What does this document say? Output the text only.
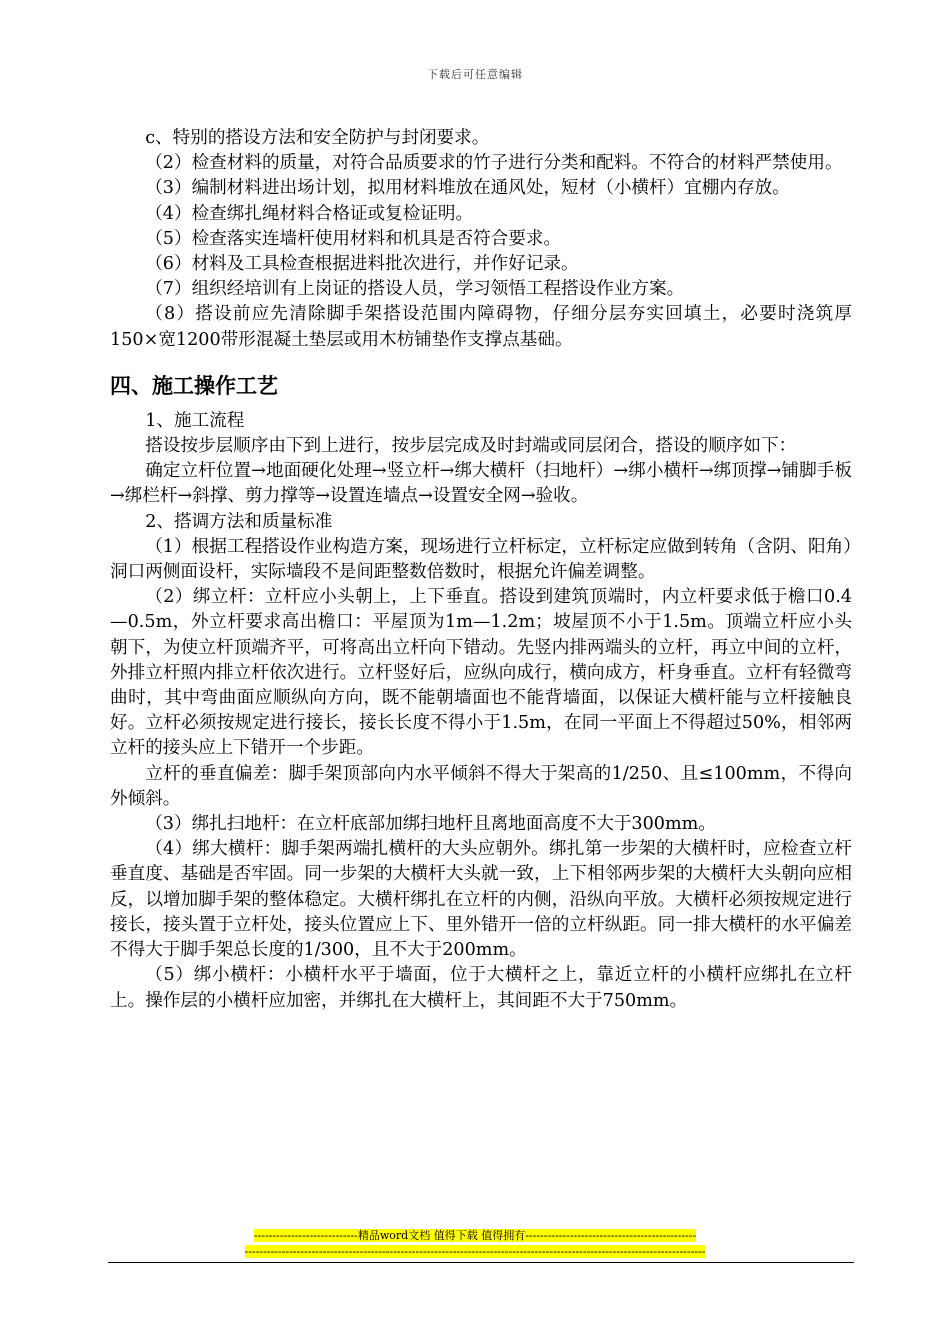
下载后可任意编辑

c、特别的搭设方法和安全防护与封闭要求。

（2）检查材料的质量，对符合品质要求的竹子进行分类和配料。不符合的材料严禁使用。

（3）编制材料进出场计划，拟用材料堆放在通风处，短材（小横杆）宜棚内存放。

（4）检查绑扎绳材料合格证或复检证明。

（5）检查落实连墙杆使用材料和机具是否符合要求。

（6）材料及工具检查根据进料批次进行，并作好记录。

（7）组织经培训有上岗证的搭设人员，学习领悟工程搭设作业方案。

（8）搭设前应先清除脚手架搭设范围内障碍物，仔细分层夯实回填土，必要时浇筑厚150×宽1200带形混凝土垫层或用木枋铺垫作支撑点基础。

四、施工操作工艺

1、施工流程

搭设按步层顺序由下到上进行，按步层完成及时封端或同层闭合，搭设的顺序如下：

确定立杆位置→地面硬化处理→竖立杆→绑大横杆（扫地杆）→绑小横杆→绑顶撑→铺脚手板→绑栏杆→斜撑、剪力撑等→设置连墙点→设置安全网→验收。

2、搭调方法和质量标准

（1）根据工程搭设作业构造方案，现场进行立杆标定，立杆标定应做到转角（含阴、阳角）洞口两侧面设杆，实际墙段不是间距整数倍数时，根据允许偏差调整。

（2）绑立杆：立杆应小头朝上，上下垂直。搭设到建筑顶端时，内立杆要求低于檐口0.4—0.5m，外立杆要求高出檐口：平屋顶为1m—1.2m；坡屋顶不小于1.5m。顶端立杆应小头朝下，为使立杆顶端齐平，可将高出立杆向下错动。先竖内排两端头的立杆，再立中间的立杆，外排立杆照内排立杆依次进行。立杆竖好后，应纵向成行，横向成方，杆身垂直。立杆有轻微弯曲时，其中弯曲面应顺纵向方向，既不能朝墙面也不能背墙面，以保证大横杆能与立杆接触良好。立杆必须按规定进行接长，接长长度不得小于1.5m，在同一平面上不得超过50%，相邻两立杆的接头应上下错开一个步距。

立杆的垂直偏差：脚手架顶部向内水平倾斜不得大于架高的1/250、且≤100mm，不得向外倾斜。

（3）绑扎扫地杆：在立杆底部加绑扫地杆且离地面高度不大于300mm。

（4）绑大横杆：脚手架两端扎横杆的大头应朝外。绑扎第一步架的大横杆时，应检查立杆垂直度、基础是否牢固。同一步架的大横杆大头就一致，上下相邻两步架的大横杆大头朝向应相反，以增加脚手架的整体稳定。大横杆绑扎在立杆的内侧，沿纵向平放。大横杆必须按规定进行接长，接头置于立杆处，接头位置应上下、里外错开一倍的立杆纵距。同一排大横杆的水平偏差不得大于脚手架总长度的1/300，且不大于200mm。

（5）绑小横杆：小横杆水平于墙面，位于大横杆之上，靠近立杆的小横杆应绑扎在立杆上。操作层的小横杆应加密，并绑扎在大横杆上，其间距不大于750mm。

----------------------------精品word文档 值得下载 值得拥有----------------------------------------------
----------------------------------------------------------------------------------------------------------------------------
